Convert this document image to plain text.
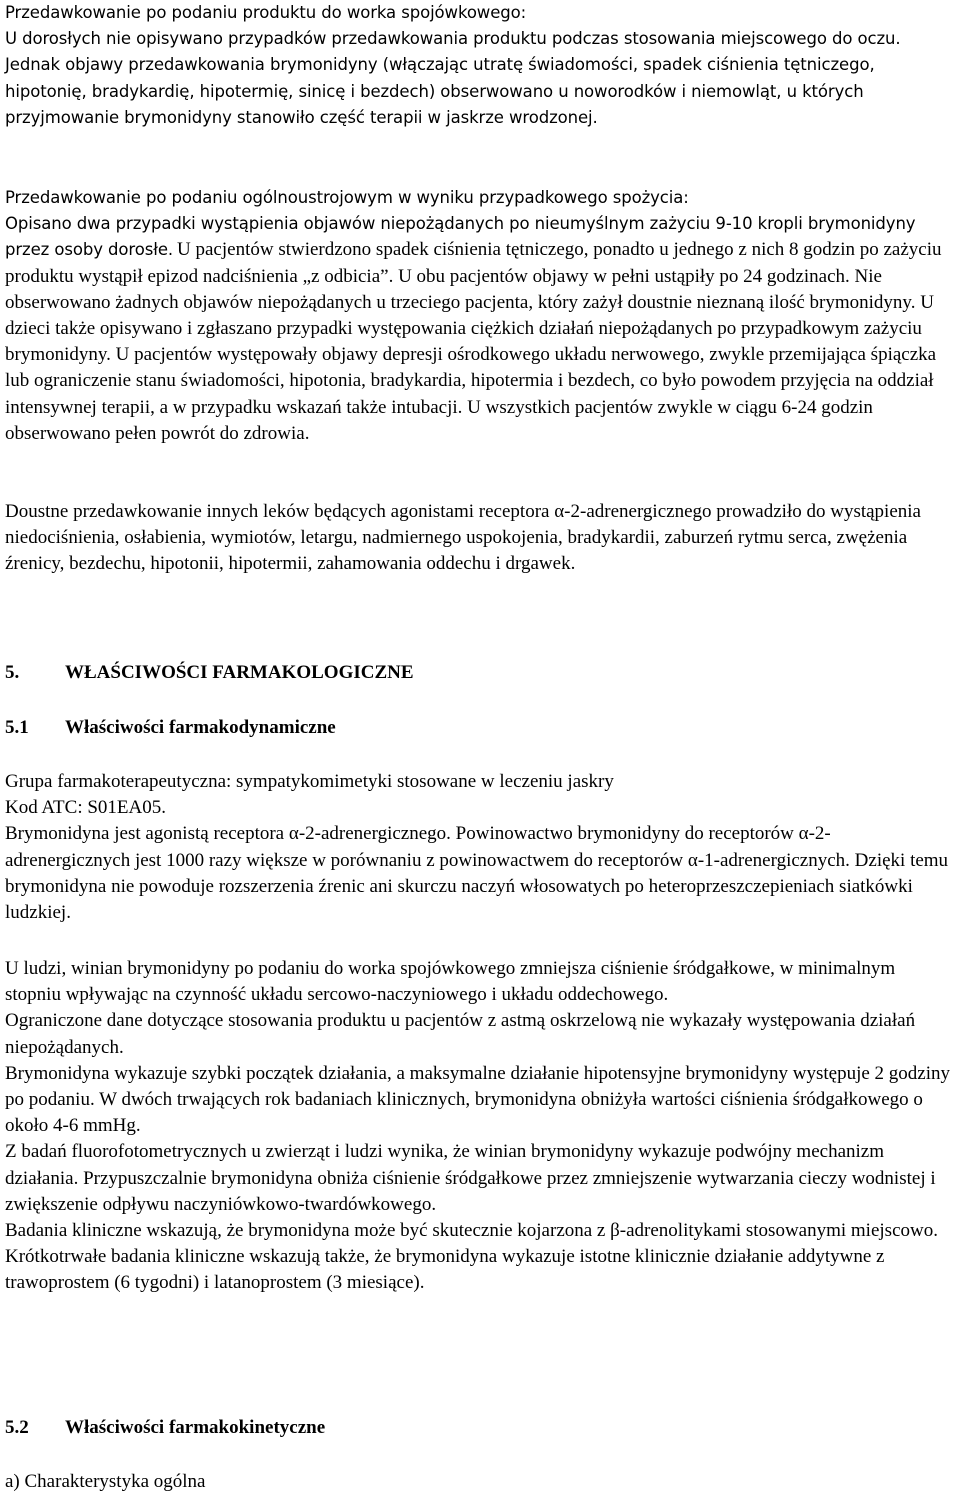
Przedawkowanie po podaniu produktu do worka spojówkowego:

U dorosłych nie opisywano przypadków przedawkowania produktu podczas stosowania miejscowego do oczu. Jednak objawy przedawkowania brymonidyny (włączając utratę świadomości, spadek ciśnienia tętniczego, hipotonię, bradykardię, hipotermię, sinicę i bezdech) obserwowano u noworodków i niemowląt, u których przyjmowanie brymonidyny stanowiło część terapii w jaskrze wrodzonej.

Przedawkowanie po podaniu ogólnoustrojowym w wyniku przypadkowego spożycia:

Opisano dwa przypadki wystąpienia objawów niepożądanych po nieumyślnym zażyciu 9-10 kropli brymonidyny przez osoby dorosłe. U pacjentów stwierdzono spadek ciśnienia tętniczego, ponadto u jednego z nich 8 godzin po zażyciu produktu wystąpił epizod nadciśnienia „z odbicia”. U obu pacjentów objawy w pełni ustąpiły po 24 godzinach. Nie obserwowano żadnych objawów niepożądanych u trzeciego pacjenta, który zażył doustnie nieznaną ilość brymonidyny. U dzieci także opisywano i zgłaszano przypadki występowania ciężkich działań niepożądanych po przypadkowym zażyciu brymonidyny. U pacjentów występowały objawy depresji ośrodkowego układu nerwowego, zwykle przemijająca śpiączka lub ograniczenie stanu świadomości, hipotonia, bradykardia, hipotermia i bezdech, co było powodem przyjęcia na oddział intensywnej terapii, a w przypadku wskazań także intubacji. U wszystkich pacjentów zwykle w ciągu 6-24 godzin obserwowano pełen powrót do zdrowia.

Doustne przedawkowanie innych leków będących agonistami receptora α-2-adrenergicznego prowadziło do wystąpienia niedociśnienia, osłabienia, wymiotów, letargu, nadmiernego uspokojenia, bradykardii, zaburzeń rytmu serca, zwężenia źrenicy, bezdechu, hipotonii, hipotermii, zahamowania oddechu i drgawek.

5. WŁAŚCIWOŚCI FARMAKOLOGICZNE
5.1 Właściwości farmakodynamiczne

Grupa farmakoterapeutyczna: sympatykomimetyki stosowane w leczeniu jaskry

Kod ATC: S01EA05.

Brymonidyna jest agonistą receptora α-2-adrenergicznego. Powinowactwo brymonidyny do receptorów α-2-adrenergicznych jest 1000 razy większe w porównaniu z powinowactwem do receptorów α-1-adrenergicznych. Dzięki temu brymonidyna nie powoduje rozszerzenia źrenic ani skurczu naczyń włosowatych po heteroprzeszczepieniach siatkówki ludzkiej.

U ludzi, winian brymonidyny po podaniu do worka spojówkowego zmniejsza ciśnienie śródgałkowe, w minimalnym stopniu wpływając na czynność układu sercowo-naczyniowego i układu oddechowego.

Ograniczone dane dotyczące stosowania produktu u pacjentów z astmą oskrzelową nie wykazały występowania działań niepożądanych.

Brymonidyna wykazuje szybki początek działania, a maksymalne działanie hipotensyjne brymonidyny występuje 2 godziny po podaniu. W dwóch trwających rok badaniach klinicznych, brymonidyna obniżyła wartości ciśnienia śródgałkowego o około 4-6 mmHg.

Z badań fluorofotometrycznych u zwierząt i ludzi wynika, że winian brymonidyny wykazuje podwójny mechanizm działania. Przypuszczalnie brymonidyna obniża ciśnienie śródgałkowe przez zmniejszenie wytwarzania cieczy wodnistej i zwiększenie odpływu naczyniówkowo-twardówkowego.

Badania kliniczne wskazują, że brymonidyna może być skutecznie kojarzona z β-adrenolitykami stosowanymi miejscowo. Krótkotrwałe badania kliniczne wskazują także, że brymonidyna wykazuje istotne klinicznie działanie addytywne z trawoprostem (6 tygodni) i latanoprostem (3 miesiące).

5.2 Właściwości farmakokinetyczne

a) Charakterystyka ogólna
